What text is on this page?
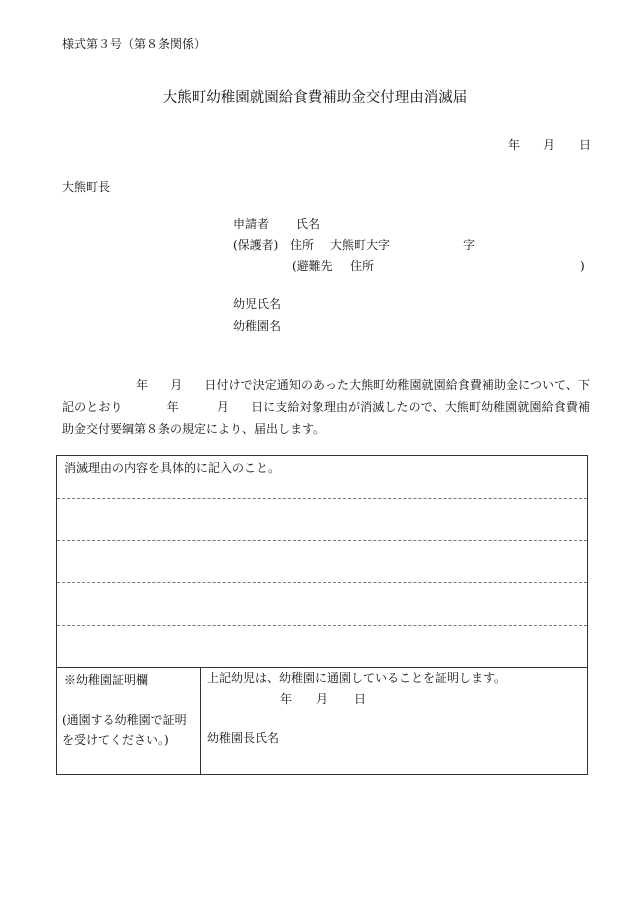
様式第３号（第８条関係）
大熊町幼稚園就園給食費補助金交付理由消滅届
年 月 日
大熊町長
申請者 氏名
(保護者) 住所 大熊町大字	字
(避難先 住所	)
幼児氏名
幼稚園名
年 月 日付けで決定通知のあった大熊町幼稚園就園給食費補助金について、下記のとおり	年	月 日に支給対象理由が消滅したので、大熊町幼稚園就園給食費補助金交付要綱第８条の規定により、届出します。
消滅理由の内容を具体的に記入のこと。
※幼稚園証明欄
(通園する幼稚園で証明
を受けてください。)
上記幼児は、幼稚園に通園していることを証明します。
年 月 日
幼稚園長氏名
